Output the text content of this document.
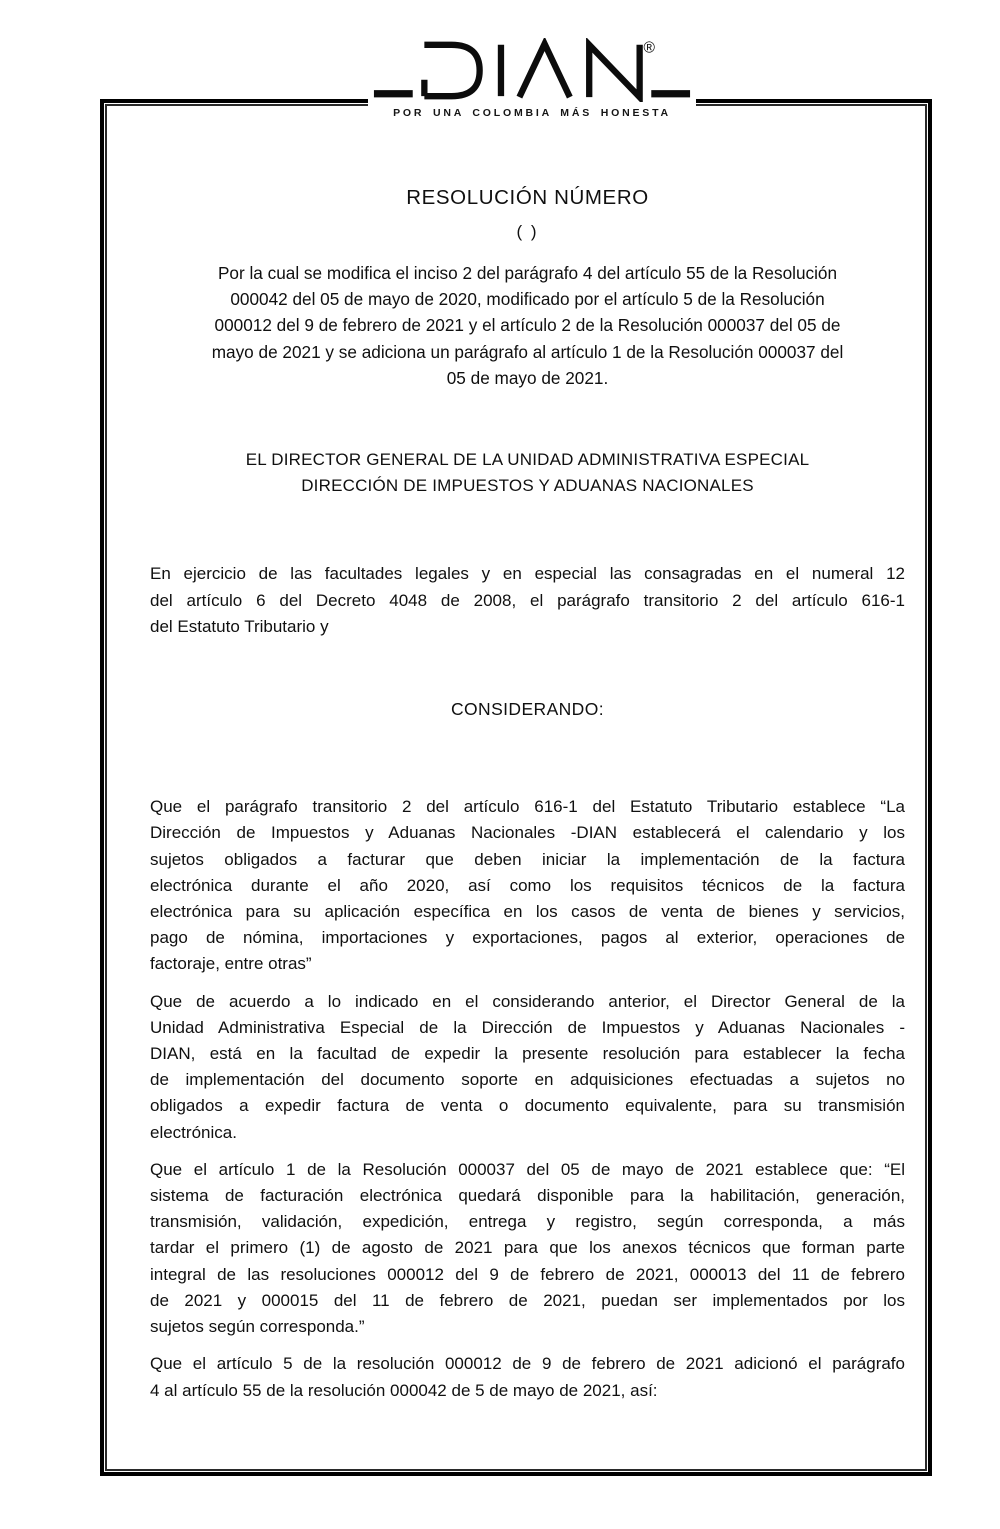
®
POR UNA COLOMBIA MÁS HONESTA
RESOLUCIÓN NÚMERO
( )
Por la cual se modifica el inciso 2 del parágrafo 4 del artículo 55 de la Resolución
000042 del 05 de mayo de 2020, modificado por el artículo 5 de la Resolución
000012 del 9 de febrero de 2021 y el artículo 2 de la Resolución 000037 del 05 de
mayo de 2021 y se adiciona un parágrafo al artículo 1 de la Resolución 000037 del
05 de mayo de 2021.
EL DIRECTOR GENERAL DE LA UNIDAD ADMINISTRATIVA ESPECIAL
DIRECCIÓN DE IMPUESTOS Y ADUANAS NACIONALES
En ejercicio de las facultades legales y en especial las consagradas en el numeral 12
del artículo 6 del Decreto 4048 de 2008, el parágrafo transitorio 2 del artículo 616-1
del Estatuto Tributario y
CONSIDERANDO:
Que el parágrafo transitorio 2 del artículo 616-1 del Estatuto Tributario establece “La
Dirección de Impuestos y Aduanas Nacionales -DIAN establecerá el calendario y los
sujetos obligados a facturar que deben iniciar la implementación de la factura
electrónica durante el año 2020, así como los requisitos técnicos de la factura
electrónica para su aplicación específica en los casos de venta de bienes y servicios,
pago de nómina, importaciones y exportaciones, pagos al exterior, operaciones de
factoraje, entre otras”
Que de acuerdo a lo indicado en el considerando anterior, el Director General de la
Unidad Administrativa Especial de la Dirección de Impuestos y Aduanas Nacionales -
DIAN, está en la facultad de expedir la presente resolución para establecer la fecha
de implementación del documento soporte en adquisiciones efectuadas a sujetos no
obligados a expedir factura de venta o documento equivalente, para su transmisión
electrónica.
Que el artículo 1 de la Resolución 000037 del 05 de mayo de 2021 establece que: “El
sistema de facturación electrónica quedará disponible para la habilitación, generación,
transmisión, validación, expedición, entrega y registro, según corresponda, a más
tardar el primero (1) de agosto de 2021 para que los anexos técnicos que forman parte
integral de las resoluciones 000012 del 9 de febrero de 2021, 000013 del 11 de febrero
de 2021 y 000015 del 11 de febrero de 2021, puedan ser implementados por los
sujetos según corresponda.”
Que el artículo 5 de la resolución 000012 de 9 de febrero de 2021 adicionó el parágrafo
4 al artículo 55 de la resolución 000042 de 5 de mayo de 2021, así:
